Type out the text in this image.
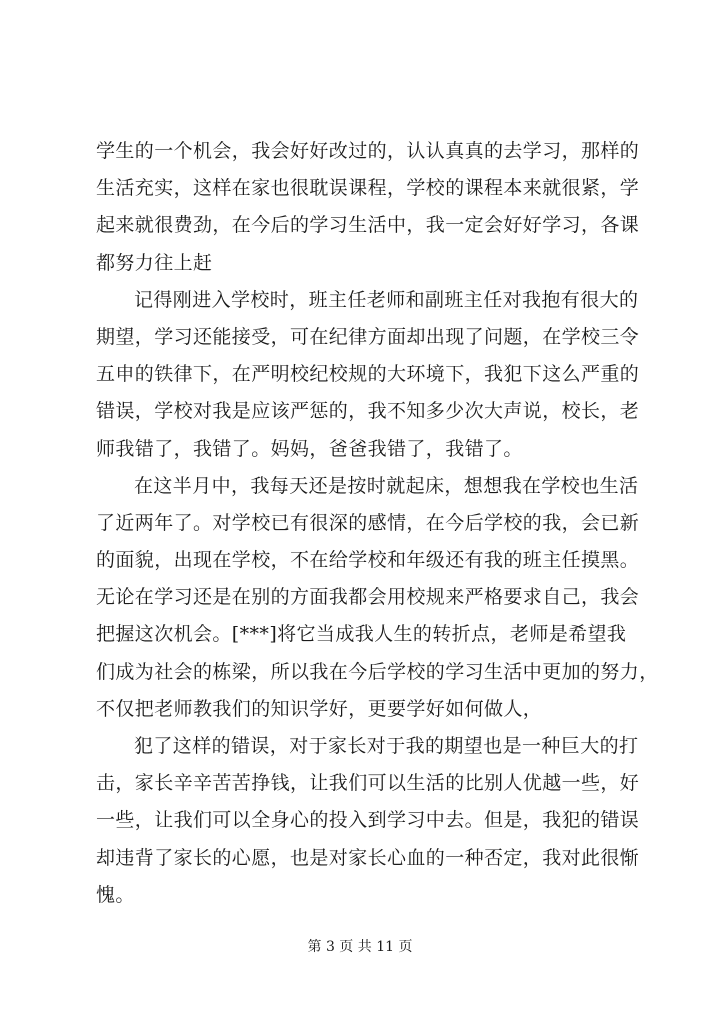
学生的一个机会，我会好好改过的，认认真真的去学习，那样的
生活充实，这样在家也很耽误课程，学校的课程本来就很紧，学
起来就很费劲，在今后的学习生活中，我一定会好好学习，各课
都努力往上赶
记得刚进入学校时，班主任老师和副班主任对我抱有很大的
期望，学习还能接受，可在纪律方面却出现了问题，在学校三令
五申的铁律下，在严明校纪校规的大环境下，我犯下这么严重的
错误，学校对我是应该严惩的，我不知多少次大声说，校长，老
师我错了，我错了。妈妈，爸爸我错了，我错了。
在这半月中，我每天还是按时就起床，想想我在学校也生活
了近两年了。对学校已有很深的感情，在今后学校的我，会已新
的面貌，出现在学校，不在给学校和年级还有我的班主任摸黑。
无论在学习还是在别的方面我都会用校规来严格要求自己，我会
把握这次机会。[***]将它当成我人生的转折点，老师是希望我
们成为社会的栋梁，所以我在今后学校的学习生活中更加的努力，
不仅把老师教我们的知识学好，更要学好如何做人，
犯了这样的错误，对于家长对于我的期望也是一种巨大的打
击，家长辛辛苦苦挣钱，让我们可以生活的比别人优越一些，好
一些，让我们可以全身心的投入到学习中去。但是，我犯的错误
却违背了家长的心愿，也是对家长心血的一种否定，我对此很惭
愧。
第 3 页 共 11 页
